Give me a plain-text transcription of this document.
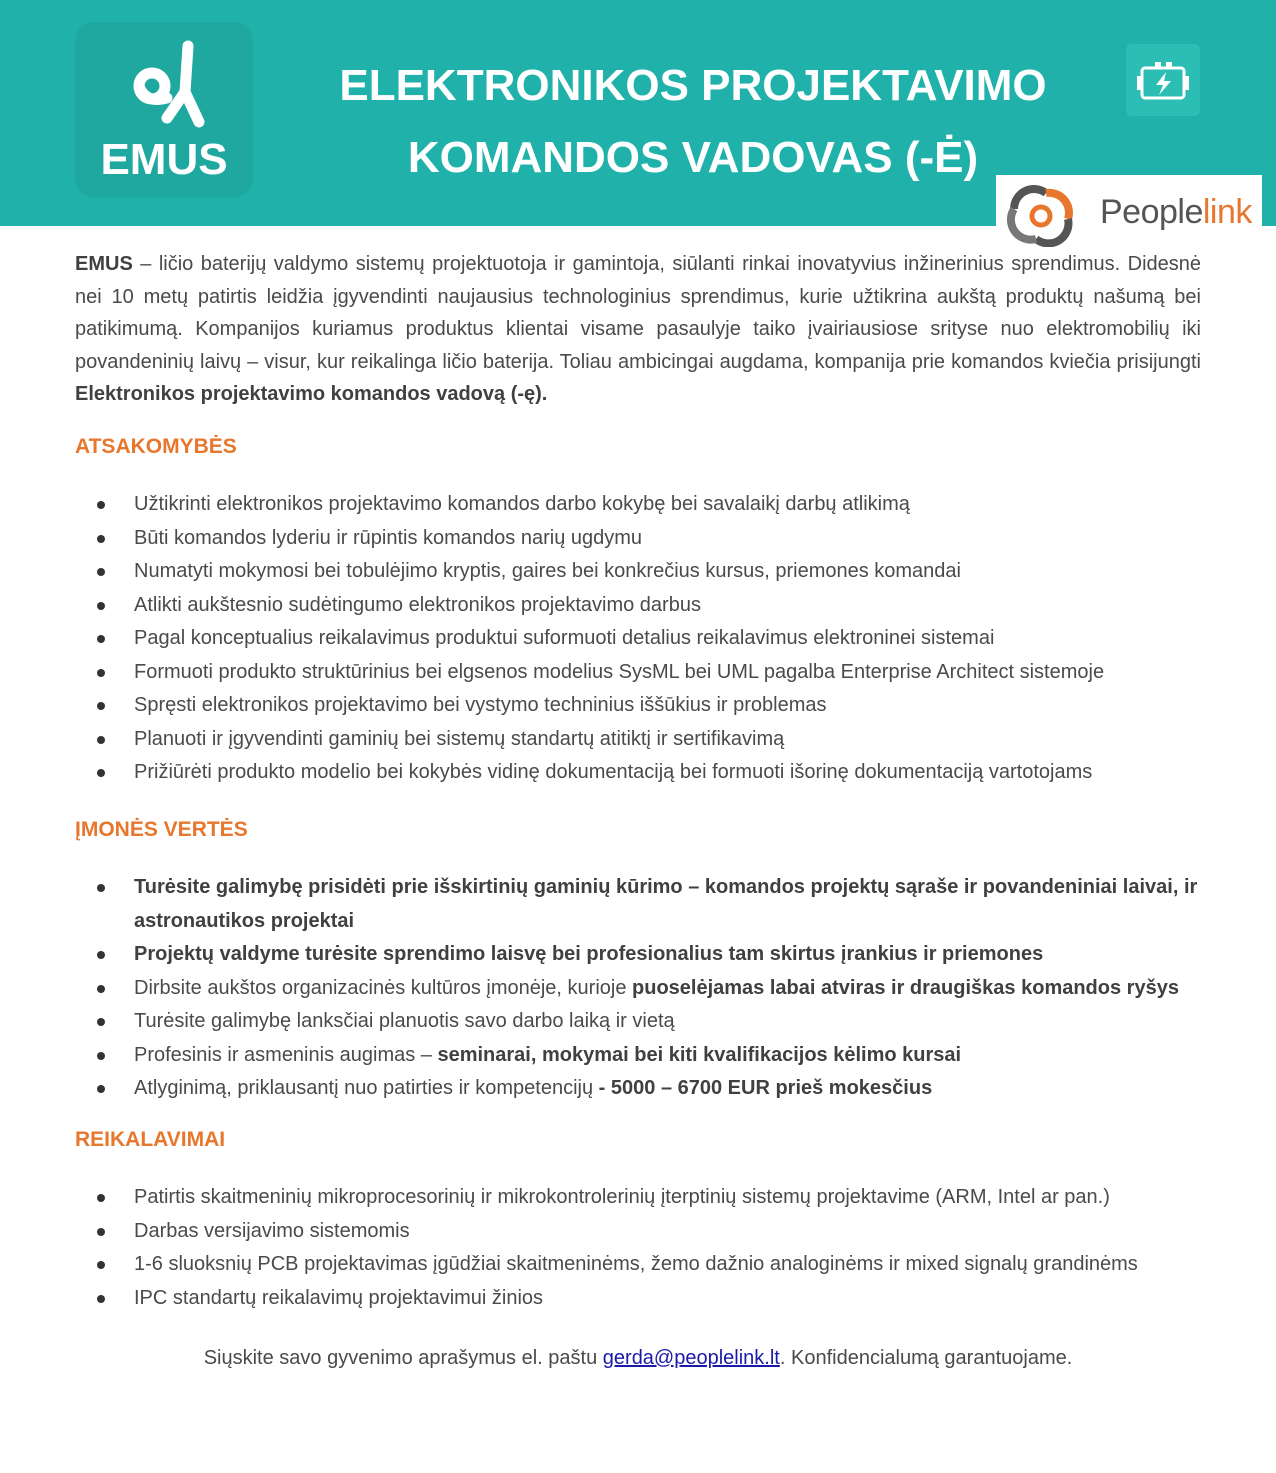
EMUS
ELEKTRONIKOS PROJEKTAVIMO
KOMANDOS VADOVAS (-Ė)
Peoplelink

EMUS – ličio baterijų valdymo sistemų projektuotoja ir gamintoja, siūlanti rinkai inovatyvius inžinerinius sprendimus. Didesnė nei 10 metų patirtis leidžia įgyvendinti naujausius technologinius sprendimus, kurie užtikrina aukštą produktų našumą bei patikimumą. Kompanijos kuriamus produktus klientai visame pasaulyje taiko įvairiausiose srityse nuo elektromobilių iki povandeninių laivų – visur, kur reikalinga ličio baterija. Toliau ambicingai augdama, kompanija prie komandos kviečia prisijungti Elektronikos projektavimo komandos vadovą (-ę).

ATSAKOMYBĖS
Užtikrinti elektronikos projektavimo komandos darbo kokybę bei savalaikį darbų atlikimą
Būti komandos lyderiu ir rūpintis komandos narių ugdymu
Numatyti mokymosi bei tobulėjimo kryptis, gaires bei konkrečius kursus, priemones komandai
Atlikti aukštesnio sudėtingumo elektronikos projektavimo darbus
Pagal konceptualius reikalavimus produktui suformuoti detalius reikalavimus elektroninei sistemai
Formuoti produkto struktūrinius bei elgsenos modelius SysML bei UML pagalba Enterprise Architect sistemoje
Spręsti elektronikos projektavimo bei vystymo techninius iššūkius ir problemas
Planuoti ir įgyvendinti gaminių bei sistemų standartų atitiktį ir sertifikavimą
Prižiūrėti produkto modelio bei kokybės vidinę dokumentaciją bei formuoti išorinę dokumentaciją vartotojams
ĮMONĖS VERTĖS
Turėsite galimybę prisidėti prie išskirtinių gaminių kūrimo – komandos projektų sąraše ir povandeniniai laivai, ir astronautikos projektai
Projektų valdyme turėsite sprendimo laisvę bei profesionalius tam skirtus įrankius ir priemones
Dirbsite aukštos organizacinės kultūros įmonėje, kurioje puoselėjamas labai atviras ir draugiškas komandos ryšys
Turėsite galimybę lanksčiai planuotis savo darbo laiką ir vietą
Profesinis ir asmeninis augimas – seminarai, mokymai bei kiti kvalifikacijos kėlimo kursai
Atlyginimą, priklausantį nuo patirties ir kompetencijų - 5000 – 6700 EUR prieš mokesčius
REIKALAVIMAI
Patirtis skaitmeninių mikroprocesorinių ir mikrokontrolerinių įterptinių sistemų projektavime (ARM, Intel ar pan.)
Darbas versijavimo sistemomis
1-6 sluoksnių PCB projektavimas įgūdžiai skaitmeninėms, žemo dažnio analoginėms ir mixed signalų grandinėms
IPC standartų reikalavimų projektavimui žinios
Siųskite savo gyvenimo aprašymus el. paštu gerda@peoplelink.lt. Konfidencialumą garantuojame.
